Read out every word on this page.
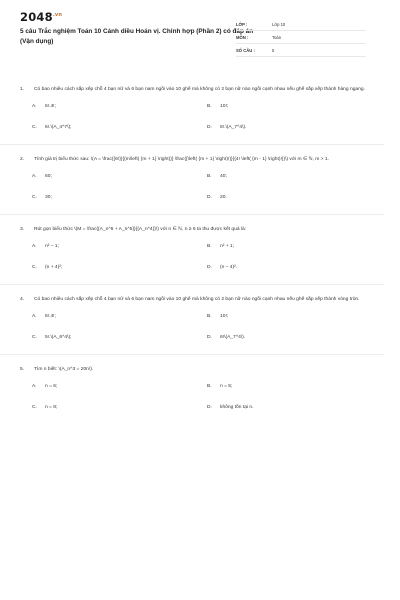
$2048^{.vn}$
5 câu Trắc nghiệm Toán 10 Cánh diều Hoán vị. Chỉnh hợp (Phần 2) có đáp án (Vận dụng)
LỚP :	Lớp 10
MÔN :	Toán
SỐ CÂU :	5
1. Có bao nhiêu cách sắp xếp chỗ 4 bạn nữ và 6 bạn nam ngồi vào 10 ghế mà không có 2 bạn nữ nào ngồi cạnh nhau nếu ghế sắp xếp thành hàng ngang.
A.	6!.4!;	B.	10!;
C.	6!.\(A_4^7\);	D.	6!.\(A_7^4\).
2. Tính giá trị biểu thức sau: \(A = \frac{{6!}}{{m\left( {m + 1} \right)}} \frac{{\left( {m + 1} \right)!}}{{4! \left( {m - 1} \right)!}}\) với m ∈ ℕ, m > 1.
A.	60;	B.	40;
C.	30;	D.	20.
3. Rút gọn biểu thức \(M = \frac{{A_n^6 + A_n^5}}{{A_n^4}}\) với n ∈ ℕ, n ≥ 6 ta thu được kết quả là:
A.	n² – 1;	B.	n² + 1;
C.	(n + 4)²;	D.	(n – 4)².
4. Có bao nhiêu cách sắp xếp chỗ 4 bạn nữ và 6 bạn nam ngồi vào 10 ghế mà không có 2 bạn nữ nào ngồi cạnh nhau nếu ghế sắp xếp thành vòng tròn.
A.	6!.4!;	B.	10!;
C.	5!.\(A_6^4\);	D.	6!\(A_7^4\).
5. Tìm n biết: \(A_n^3 = 20n\).
A.	n = 6;	B.	n = 5;
C.	n = 8;	D.	không tồn tại n.
